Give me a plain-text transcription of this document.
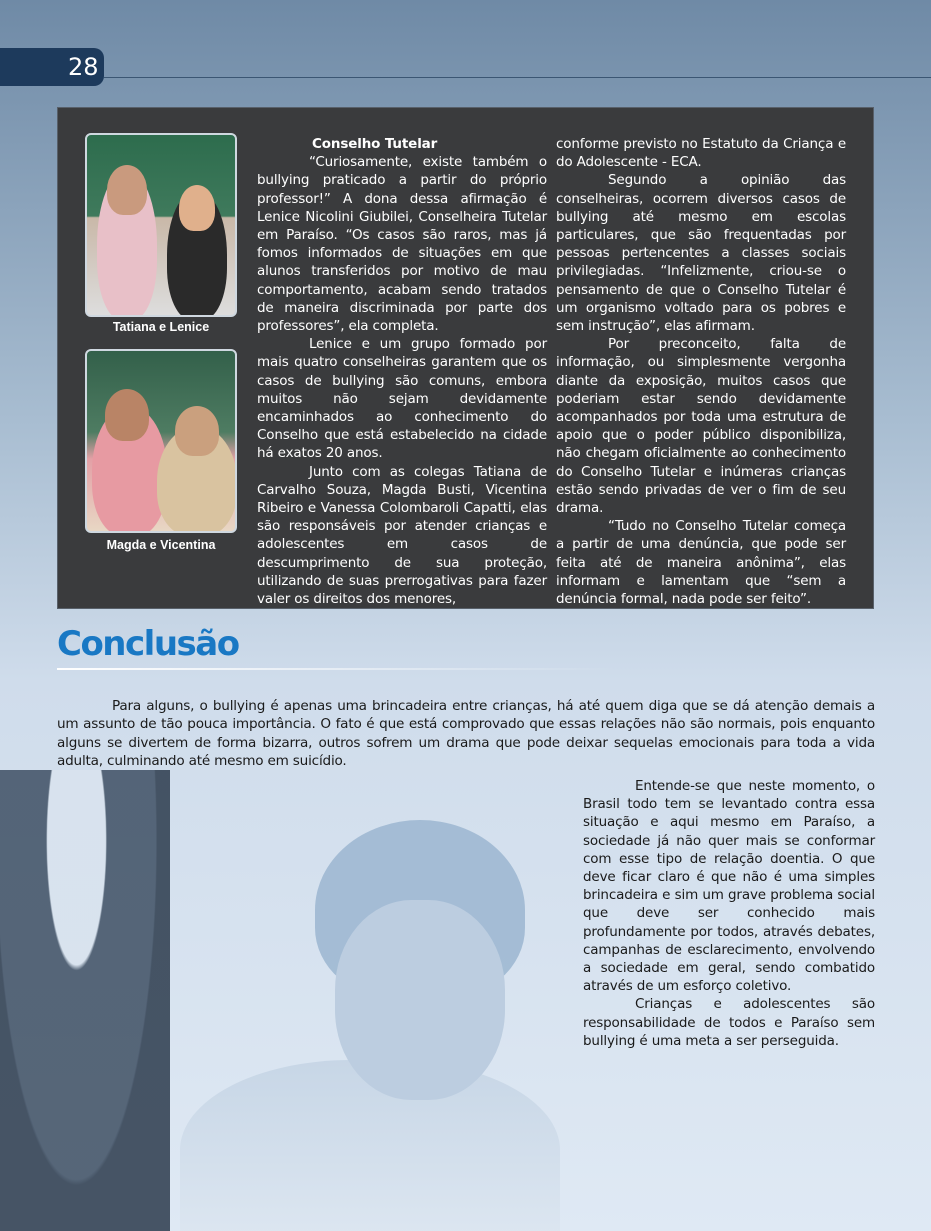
28
Tatiana e Lenice
Magda e Vicentina

Conselho Tutelar

“Curiosamente, existe também o bullying praticado a partir do próprio professor!” A dona dessa afirmação é Lenice Nicolini Giubilei, Conselheira Tutelar em Paraíso. “Os casos são raros, mas já fomos informados de situações em que alunos transferidos por motivo de mau comportamento, acabam sendo tratados de maneira discriminada por parte dos professores”, ela completa.

Lenice e um grupo formado por mais quatro conselheiras garantem que os casos de bullying são comuns, embora muitos não sejam devidamente encaminhados ao conhecimento do Conselho que está estabelecido na cidade há exatos 20 anos.

Junto com as colegas Tatiana de Carvalho Souza, Magda Busti, Vicentina Ribeiro e Vanessa Colombaroli Capatti, elas são responsáveis por atender crianças e adolescentes em casos de descumprimento de sua proteção, utilizando de suas prerrogativas para fazer valer os direitos dos menores,

conforme previsto no Estatuto da Criança e do Adolescente - ECA.

Segundo a opinião das conselheiras, ocorrem diversos casos de bullying até mesmo em escolas particulares, que são frequentadas por pessoas pertencentes a classes sociais privilegiadas. “Infelizmente, criou-se o pensamento de que o Conselho Tutelar é um organismo voltado para os pobres e sem instrução”, elas afirmam.

Por preconceito, falta de informação, ou simplesmente vergonha diante da exposição, muitos casos que poderiam estar sendo devidamente acompanhados por toda uma estrutura de apoio que o poder público disponibiliza, não chegam oficialmente ao conhecimento do Conselho Tutelar e inúmeras crianças estão sendo privadas de ver o fim de seu drama.

“Tudo no Conselho Tutelar começa a partir de uma denúncia, que pode ser feita até de maneira anônima”, elas informam e lamentam que “sem a denúncia formal, nada pode ser feito”.

Conclusão

Para alguns, o bullying é apenas uma brincadeira entre crianças, há até quem diga que se dá atenção demais a um assunto de tão pouca importância. O fato é que está comprovado que essas relações não são normais, pois enquanto alguns se divertem de forma bizarra, outros sofrem um drama que pode deixar sequelas emocionais para toda a vida adulta, culminando até mesmo em suicídio.

Entende-se que neste momento, o Brasil todo tem se levantado contra essa situação e aqui mesmo em Paraíso, a sociedade já não quer mais se conformar com esse tipo de relação doentia. O que deve ficar claro é que não é uma simples brincadeira e sim um grave problema social que deve ser conhecido mais profundamente por todos, através debates, campanhas de esclarecimento, envolvendo a sociedade em geral, sendo combatido através de um esforço coletivo.

Crianças e adolescentes são responsabilidade de todos e Paraíso sem bullying é uma meta a ser perseguida.
